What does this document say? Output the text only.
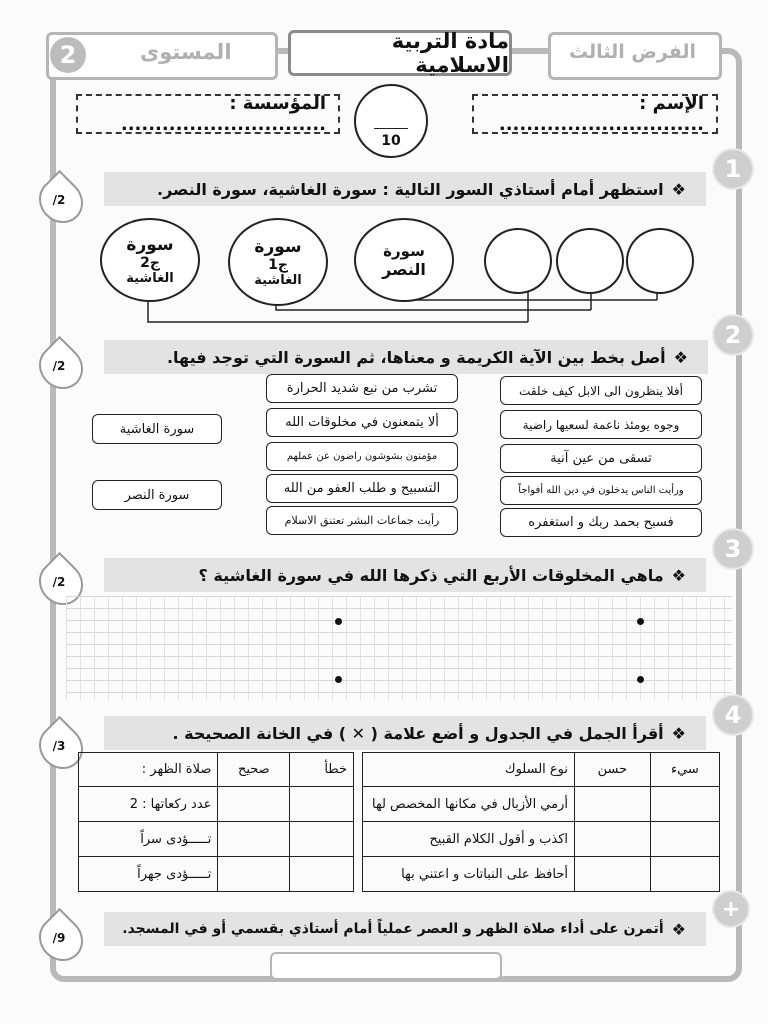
2	المستوى	مادة التربية الاسلامية
الفرض الثالث
المؤسسة : ..............................
الإسم : ..............................
10
1
/2
❖
استظهر أمام أستاذي السور التالية : سورة الغاشية، سورة النصر.
سورة
ج2
الغاشية
سورة
ج1
الغاشية
سورة
النصر
2
/2	❖
أصل بخط بين الآية الكريمة و معناها، ثم السورة التي توجد فيها.
أفلا ينظرون الى الابل كيف خلقت
وجوه يومئذ ناعمة لسعيها راضية
تسقى من عين آنية
ورأيت الناس يدخلون في دين الله أفواجاً
فسبح بحمد ربك و استغفره
تشرب من نبع شديد الحرارة
ألا يتمعنون في مخلوقات الله
مؤمنون بشوشون راضون عن عملهم
التسبيح و طلب العفو من الله
رأيت جماعات البشر تعتنق الاسلام
سورة الغاشية
سورة النصر
3
/2	❖
ماهي المخلوقات الأربع التي ذكرها الله في سورة الغاشية ؟
4
/3
❖
أقرأ الجمل في الجدول و أضع علامة ( ✕ ) في الخانة الصحيحة .
نوع السلوك	حسن	سيء
أرمي الأزبال في مكانها المخصص لها		
اكذب و أقول الكلام القبيح		
أحافظ على النباتات و اعتني بها		
صلاة الظهر :	صحيح	خطأ
عدد ركعاتها : 2		
تـــــؤدى سراً		
تـــــؤدى جهراً		
+
/9	❖
أتمرن على أداء صلاة الظهر و العصر عملياً أمام أستاذي بقسمي أو في المسجد.
